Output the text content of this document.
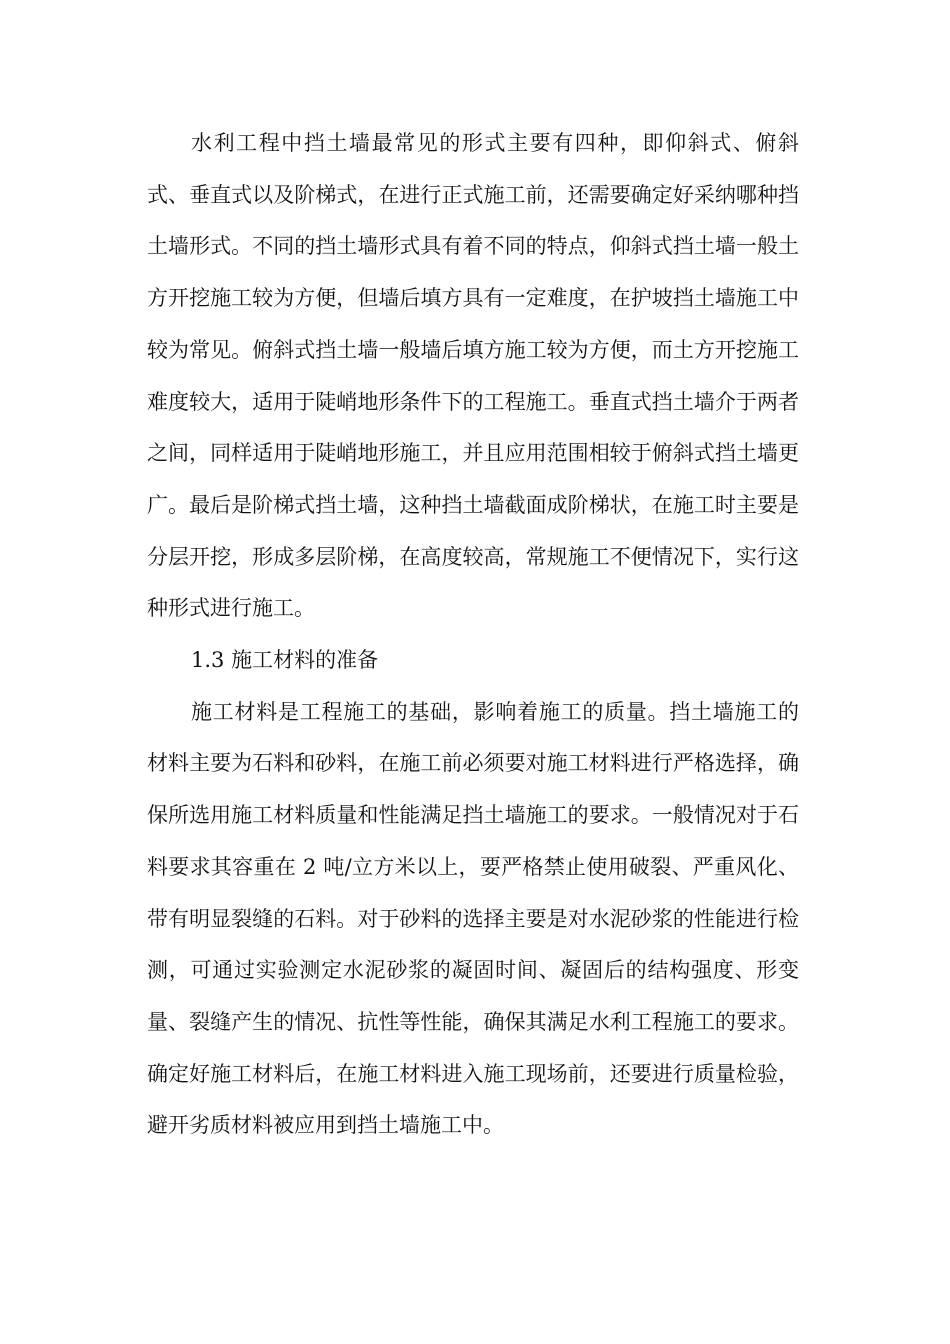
水利工程中挡土墙最常见的形式主要有四种，即仰斜式、俯斜式、垂直式以及阶梯式，在进行正式施工前，还需要确定好采纳哪种挡土墙形式。不同的挡土墙形式具有着不同的特点，仰斜式挡土墙一般土方开挖施工较为方便，但墙后填方具有一定难度，在护坡挡土墙施工中较为常见。俯斜式挡土墙一般墙后填方施工较为方便，而土方开挖施工难度较大，适用于陡峭地形条件下的工程施工。垂直式挡土墙介于两者之间，同样适用于陡峭地形施工，并且应用范围相较于俯斜式挡土墙更广。最后是阶梯式挡土墙，这种挡土墙截面成阶梯状，在施工时主要是分层开挖，形成多层阶梯，在高度较高，常规施工不便情况下，实行这种形式进行施工。

1.3 施工材料的准备

施工材料是工程施工的基础，影响着施工的质量。挡土墙施工的材料主要为石料和砂料，在施工前必须要对施工材料进行严格选择，确保所选用施工材料质量和性能满足挡土墙施工的要求。一般情况对于石料要求其容重在 2 吨/立方米以上，要严格禁止使用破裂、严重风化、带有明显裂缝的石料。对于砂料的选择主要是对水泥砂浆的性能进行检测，可通过实验测定水泥砂浆的凝固时间、凝固后的结构强度、形变量、裂缝产生的情况、抗性等性能，确保其满足水利工程施工的要求。确定好施工材料后，在施工材料进入施工现场前，还要进行质量检验，避开劣质材料被应用到挡土墙施工中。
